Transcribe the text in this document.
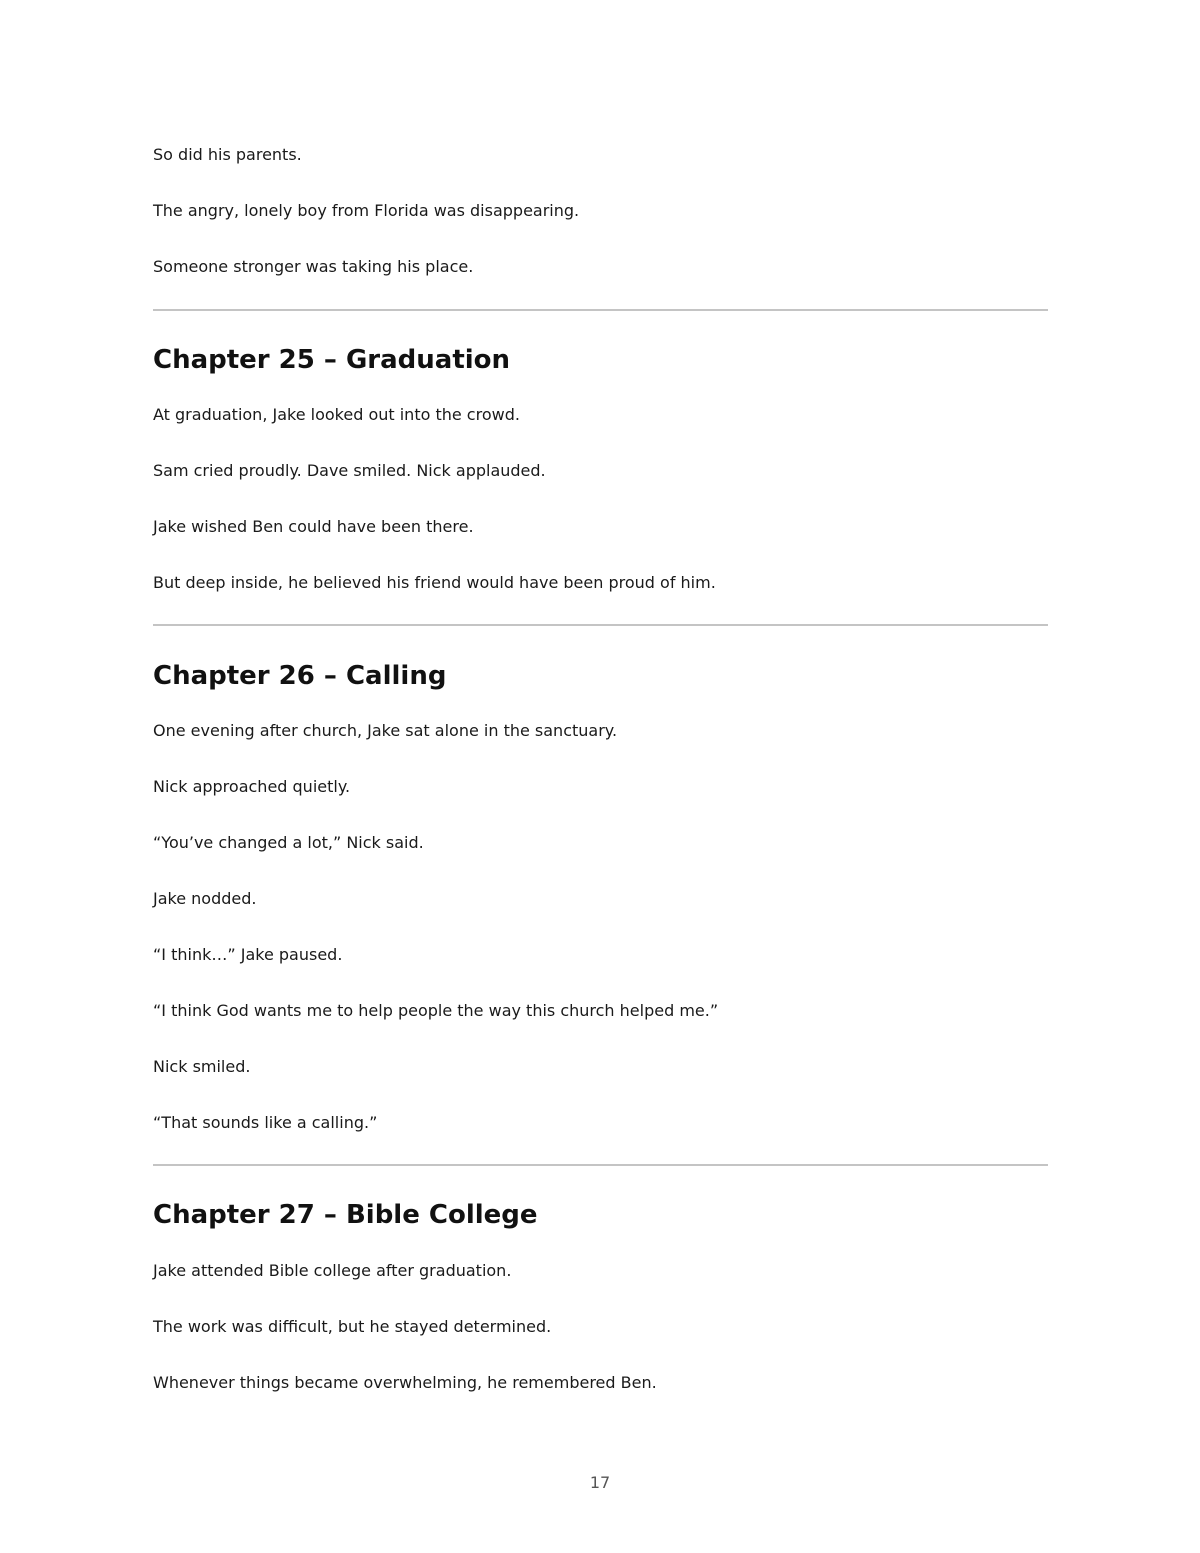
So did his parents.

The angry, lonely boy from Florida was disappearing.

Someone stronger was taking his place.

Chapter 25 – Graduation

At graduation, Jake looked out into the crowd.

Sam cried proudly. Dave smiled. Nick applauded.

Jake wished Ben could have been there.

But deep inside, he believed his friend would have been proud of him.

Chapter 26 – Calling

One evening after church, Jake sat alone in the sanctuary.

Nick approached quietly.

“You’ve changed a lot,” Nick said.

Jake nodded.

“I think…” Jake paused.

“I think God wants me to help people the way this church helped me.”

Nick smiled.

“That sounds like a calling.”

Chapter 27 – Bible College

Jake attended Bible college after graduation.

The work was difficult, but he stayed determined.

Whenever things became overwhelming, he remembered Ben.

17
